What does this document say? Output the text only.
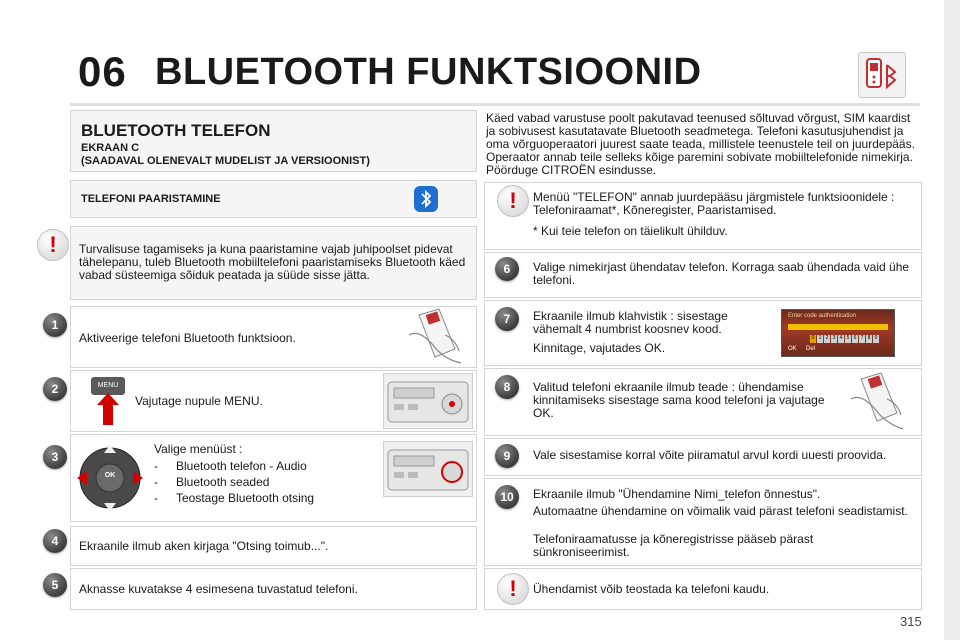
06 BLUETOOTH FUNKTSIOONID
BLUETOOTH TELEFON
EKRAAN C
(SAADAVAL OLENEVALT MUDELIST JA VERSIOONIST)
Käed vabad varustuse poolt pakutavad teenused sõltuvad võrgust, SIM kaardist ja sobivusest kasutatavate Bluetooth seadmetega. Telefoni kasutusjuhendist ja oma võrguoperaatori juurest saate teada, millistele teenustele teil on juurdepääs. Operaator annab teile selleks kõige paremini sobivate mobiiltelefonide nimekirja. Pöörduge CITROËN esindusse.
TELEFONI PAARISTAMINE
!	Turvalisuse tagamiseks ja kuna paaristamine vajab juhipoolset pidevat tähelepanu, tuleb Bluetooth mobiiltelefoni paaristamiseks Bluetooth käed vabad süsteemiga sõiduk peatada ja süüde sisse jätta.
1
Aktiveerige telefoni Bluetooth funktsioon.
2	MENU
Vajutage nupule MENU.
3
OK

Valige menüüst :

- Bluetooth telefon - Audio
- Bluetooth seaded
- Teostage Bluetooth otsing
4	Ekraanile ilmub aken kirjaga "Otsing toimub...".
5	Aknasse kuvatakse 4 esimesena tuvastatud telefoni.
!	Menüü "TELEFON" annab juurdepääsu järgmistele funktsioonidele : Telefoniraamat*, Kõneregister, Paaristamised.
* Kui teie telefon on täielikult ühilduv.
6	Valige nimekirjast ühendatav telefon. Korraga saab ühendada vaid ühe telefoni.
7	Ekraanile ilmub klahvistik : sisestage vähemalt 4 numbrist koosnev kood.
Kinnitage, vajutades OK.
Enter code authentication
0 1 2 3 4 5 6 7 8 9
OK Del
8	Valitud telefoni ekraanile ilmub teade : ühendamise kinnitamiseks sisestage sama kood telefoni ja vajutage OK.
9	Vale sisestamise korral võite piiramatul arvul kordi uuesti proovida.
10	Ekraanile ilmub "Ühendamine Nimi_telefon õnnestus".
Automaatne ühendamine on võimalik vaid pärast telefoni seadistamist.
Telefoniraamatusse ja kõneregistrisse pääseb pärast sünkroniseerimist.
!	Ühendamist võib teostada ka telefoni kaudu.
315
